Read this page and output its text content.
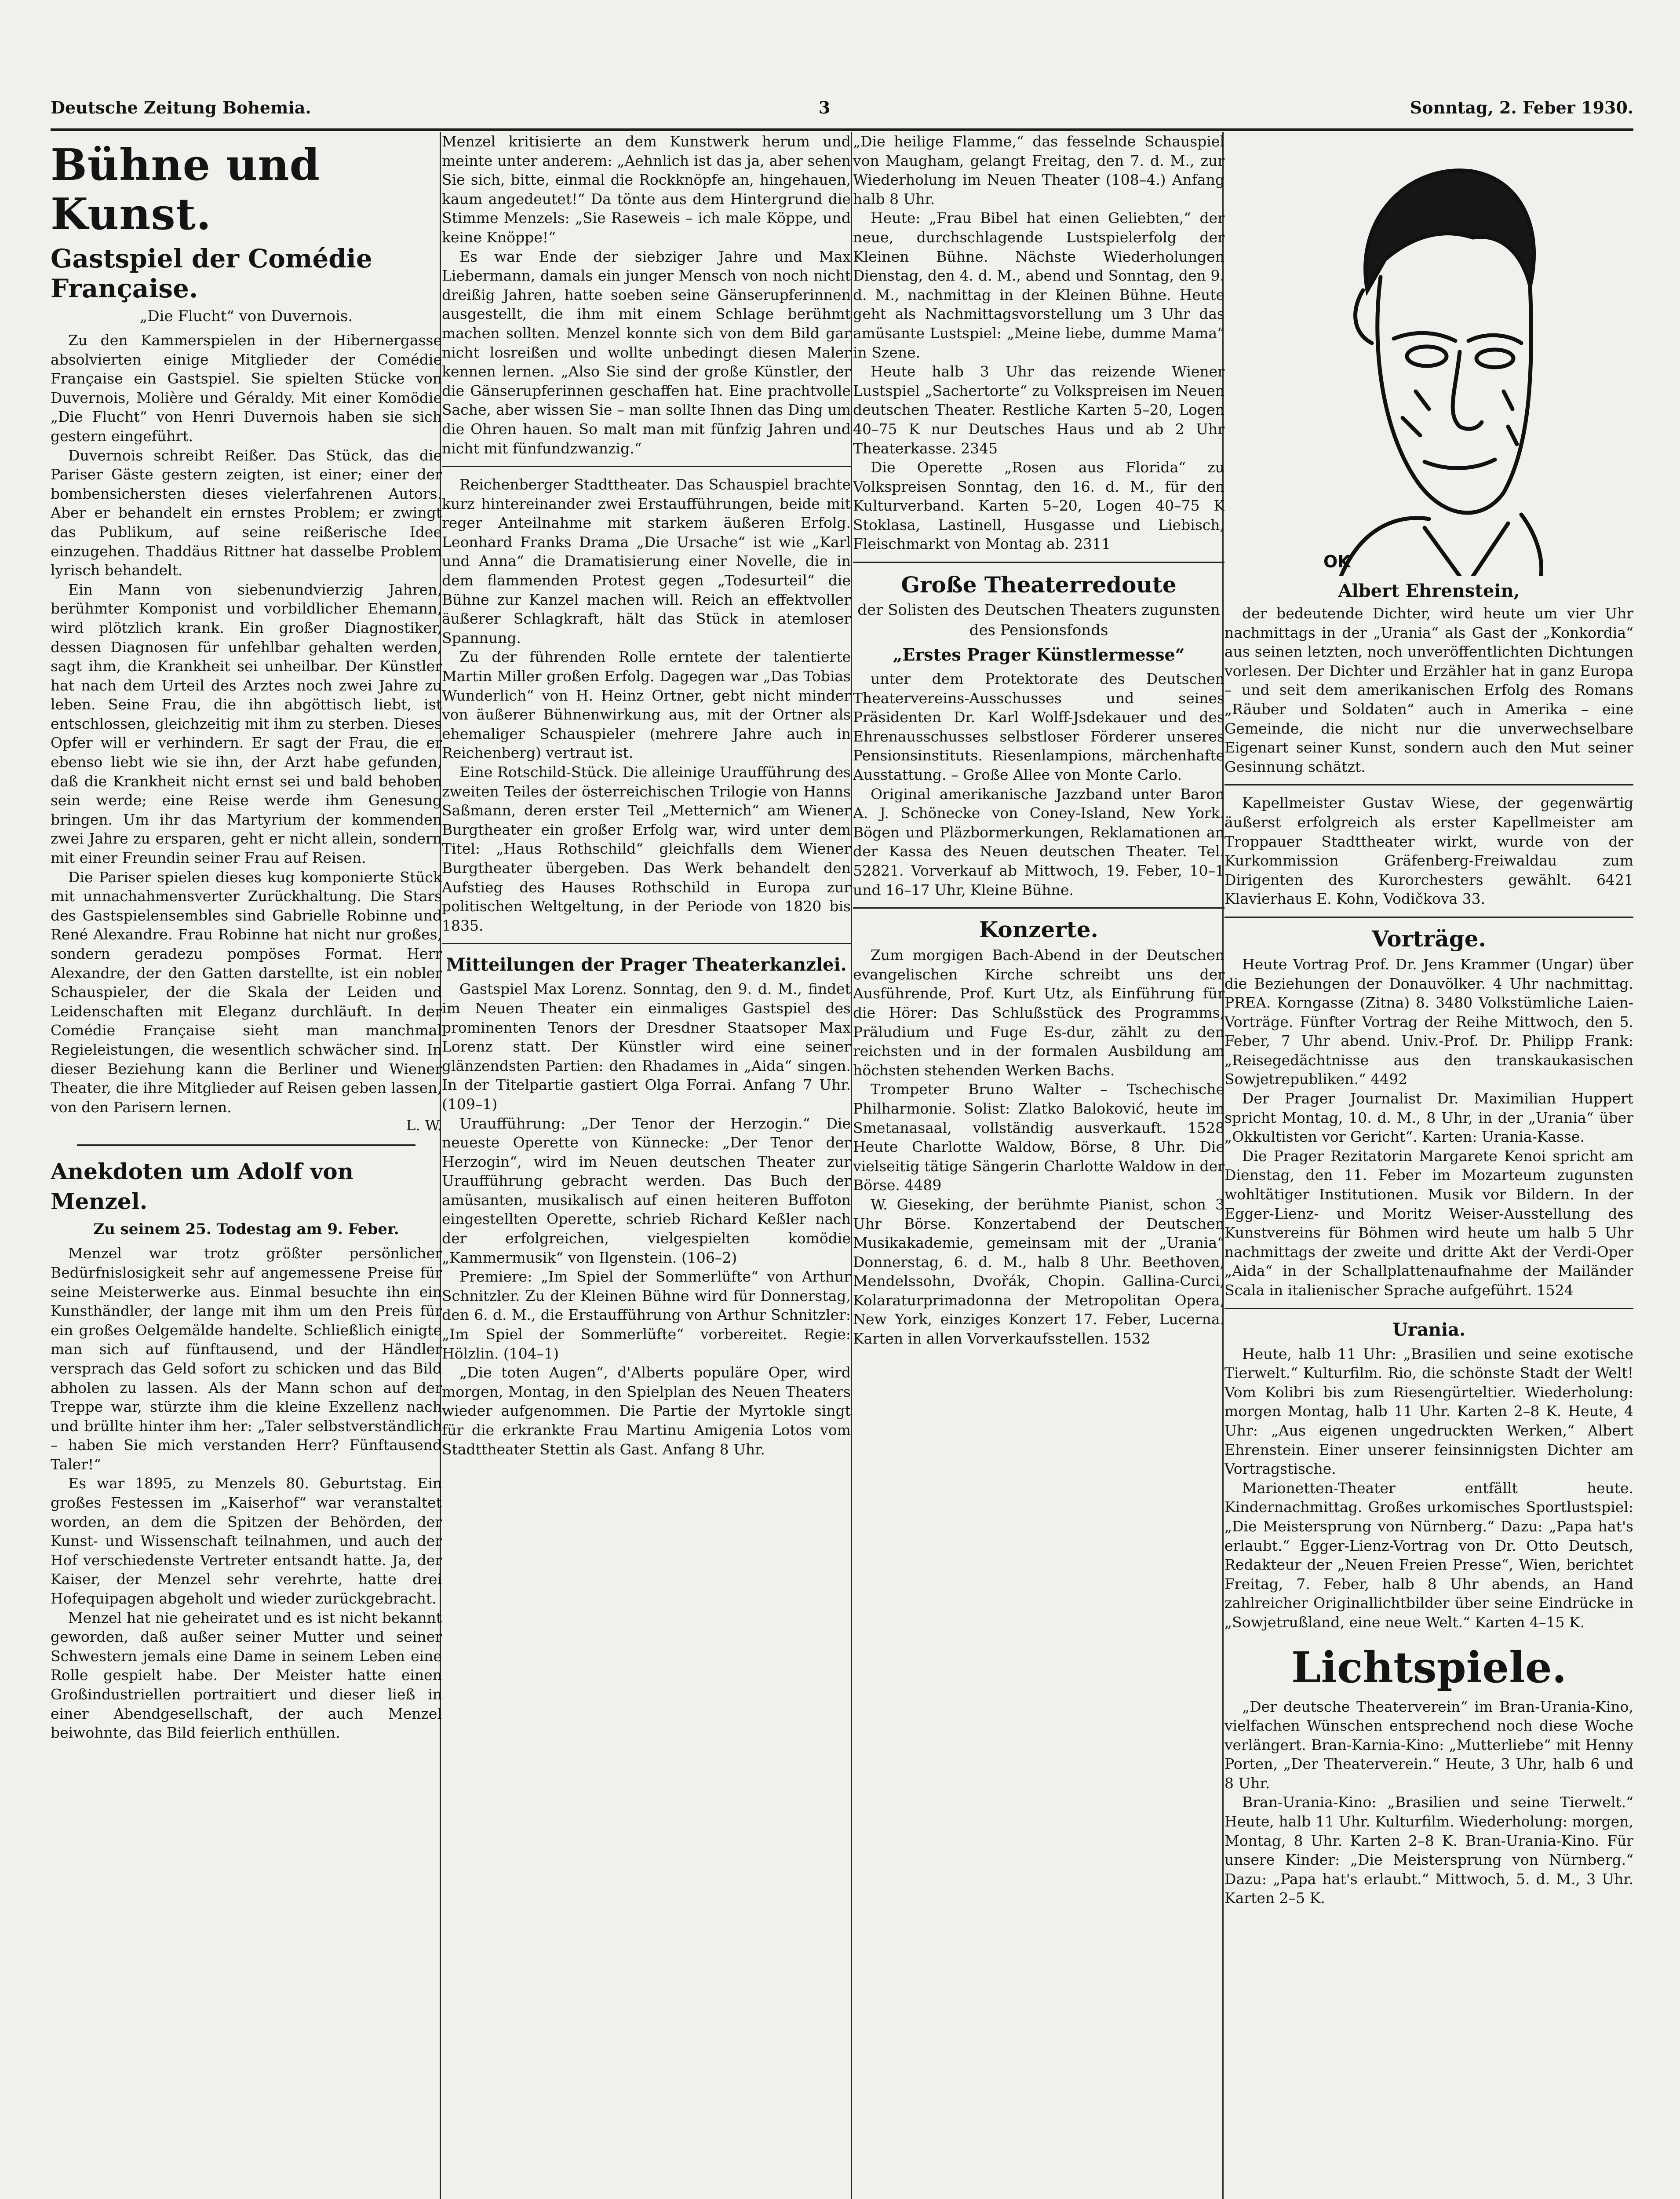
Deutsche Zeitung Bohemia.	3	Sonntag, 2. Feber 1930.
Bühne und Kunst.
Gastspiel der Comédie Française.
„Die Flucht“ von Duvernois.

Zu den Kammerspielen in der Hibernergasse absolvierten einige Mitglieder der Comédie Française ein Gastspiel. Sie spielten Stücke von Duvernois, Molière und Géraldy. Mit einer Komödie „Die Flucht“ von Henri Duvernois haben sie sich gestern eingeführt.

Duvernois schreibt Reißer. Das Stück, das die Pariser Gäste gestern zeigten, ist einer; einer der bombensichersten dieses vielerfahrenen Autors. Aber er behandelt ein ernstes Problem; er zwingt das Publikum, auf seine reißerische Idee einzugehen. Thaddäus Rittner hat dasselbe Problem lyrisch behandelt.

Ein Mann von siebenundvierzig Jahren, berühmter Komponist und vorbildlicher Ehemann, wird plötzlich krank. Ein großer Diagnostiker, dessen Diagnosen für unfehlbar gehalten werden, sagt ihm, die Krankheit sei unheilbar. Der Künstler hat nach dem Urteil des Arztes noch zwei Jahre zu leben. Seine Frau, die ihn abgöttisch liebt, ist entschlossen, gleichzeitig mit ihm zu sterben. Dieses Opfer will er verhindern. Er sagt der Frau, die er ebenso liebt wie sie ihn, der Arzt habe gefunden, daß die Krankheit nicht ernst sei und bald behoben sein werde; eine Reise werde ihm Genesung bringen. Um ihr das Martyrium der kommenden zwei Jahre zu ersparen, geht er nicht allein, sondern mit einer Freundin seiner Frau auf Reisen.

Die Pariser spielen dieses kug komponierte Stück mit unnachahmensverter Zurückhaltung. Die Stars des Gastspielensembles sind Gabrielle Robinne und René Alexandre. Frau Robinne hat nicht nur großes, sondern geradezu pompöses Format. Herr Alexandre, der den Gatten darstellte, ist ein nobler Schauspieler, der die Skala der Leiden und Leidenschaften mit Eleganz durchläuft. In der Comédie Française sieht man manchmal Regieleistungen, die wesentlich schwächer sind. In dieser Beziehung kann die Berliner und Wiener Theater, die ihre Mitglieder auf Reisen geben lassen, von den Parisern lernen.

L. W.
Anekdoten um Adolf von Menzel.
Zu seinem 25. Todestag am 9. Feber.

Menzel war trotz größter persönlicher Bedürfnislosigkeit sehr auf angemessene Preise für seine Meisterwerke aus. Einmal besuchte ihn ein Kunsthändler, der lange mit ihm um den Preis für ein großes Oelgemälde handelte. Schließlich einigte man sich auf fünftausend, und der Händler versprach das Geld sofort zu schicken und das Bild abholen zu lassen. Als der Mann schon auf der Treppe war, stürzte ihm die kleine Exzellenz nach und brüllte hinter ihm her: „Taler selbstverständlich – haben Sie mich verstanden Herr? Fünftausend Taler!“

Es war 1895, zu Menzels 80. Geburtstag. Ein großes Festessen im „Kaiserhof“ war veranstaltet worden, an dem die Spitzen der Behörden, der Kunst- und Wissenschaft teilnahmen, und auch der Hof verschiedenste Vertreter entsandt hatte. Ja, der Kaiser, der Menzel sehr verehrte, hatte drei Hofequipagen abgeholt und wieder zurückgebracht.

Menzel hat nie geheiratet und es ist nicht bekannt geworden, daß außer seiner Mutter und seiner Schwestern jemals eine Dame in seinem Leben eine Rolle gespielt habe. Der Meister hatte einen Großindustriellen portraitiert und dieser ließ in einer Abendgesellschaft, der auch Menzel beiwohnte, das Bild feierlich enthüllen.

Menzel kritisierte an dem Kunstwerk herum und meinte unter anderem: „Aehnlich ist das ja, aber sehen Sie sich, bitte, einmal die Rockknöpfe an, hingehauen, kaum angedeutet!“ Da tönte aus dem Hintergrund die Stimme Menzels: „Sie Raseweis – ich male Köppe, und keine Knöppe!“

Es war Ende der siebziger Jahre und Max Liebermann, damals ein junger Mensch von noch nicht dreißig Jahren, hatte soeben seine Gänserupferinnen ausgestellt, die ihm mit einem Schlage berühmt machen sollten. Menzel konnte sich von dem Bild gar nicht losreißen und wollte unbedingt diesen Maler kennen lernen. „Also Sie sind der große Künstler, der die Gänserupferinnen geschaffen hat. Eine prachtvolle Sache, aber wissen Sie – man sollte Ihnen das Ding um die Ohren hauen. So malt man mit fünfzig Jahren und nicht mit fünfundzwanzig.“

Reichenberger Stadttheater. Das Schauspiel brachte kurz hintereinander zwei Erstaufführungen, beide mit reger Anteilnahme mit starkem äußeren Erfolg. Leonhard Franks Drama „Die Ursache“ ist wie „Karl und Anna“ die Dramatisierung einer Novelle, die in dem flammenden Protest gegen „Todesurteil“ die Bühne zur Kanzel machen will. Reich an effektvoller äußerer Schlagkraft, hält das Stück in atemloser Spannung.

Zu der führenden Rolle erntete der talentierte Martin Miller großen Erfolg. Dagegen war „Das Tobias Wunderlich“ von H. Heinz Ortner, gebt nicht minder von äußerer Bühnenwirkung aus, mit der Ortner als ehemaliger Schauspieler (mehrere Jahre auch in Reichenberg) vertraut ist.

Eine Rotschild-Stück. Die alleinige Uraufführung des zweiten Teiles der österreichischen Trilogie von Hanns Saßmann, deren erster Teil „Metternich“ am Wiener Burgtheater ein großer Erfolg war, wird unter dem Titel: „Haus Rothschild“ gleichfalls dem Wiener Burgtheater übergeben. Das Werk behandelt den Aufstieg des Hauses Rothschild in Europa zur politischen Weltgeltung, in der Periode von 1820 bis 1835.

Mitteilungen der Prager Theaterkanzlei.

Gastspiel Max Lorenz. Sonntag, den 9. d. M., findet im Neuen Theater ein einmaliges Gastspiel des prominenten Tenors der Dresdner Staatsoper Max Lorenz statt. Der Künstler wird eine seiner glänzendsten Partien: den Rhadames in „Aida“ singen. In der Titelpartie gastiert Olga Forrai. Anfang 7 Uhr. (109–1)

Uraufführung: „Der Tenor der Herzogin.“ Die neueste Operette von Künnecke: „Der Tenor der Herzogin“, wird im Neuen deutschen Theater zur Uraufführung gebracht werden. Das Buch der amüsanten, musikalisch auf einen heiteren Buffoton eingestellten Operette, schrieb Richard Keßler nach der erfolgreichen, vielgespielten komödie „Kammermusik“ von Ilgenstein. (106–2)

Premiere: „Im Spiel der Sommerlüfte“ von Arthur Schnitzler. Zu der Kleinen Bühne wird für Donnerstag, den 6. d. M., die Erstaufführung von Arthur Schnitzler: „Im Spiel der Sommerlüfte“ vorbereitet. Regie: Hölzlin. (104–1)

„Die toten Augen“, d'Alberts populäre Oper, wird morgen, Montag, in den Spielplan des Neuen Theaters wieder aufgenommen. Die Partie der Myrtokle singt für die erkrankte Frau Martinu Amigenia Lotos vom Stadttheater Stettin als Gast. Anfang 8 Uhr.

„Die heilige Flamme,“ das fesselnde Schauspiel von Maugham, gelangt Freitag, den 7. d. M., zur Wiederholung im Neuen Theater (108–4.) Anfang halb 8 Uhr.

Heute: „Frau Bibel hat einen Geliebten,“ der neue, durchschlagende Lustspielerfolg der Kleinen Bühne. Nächste Wiederholungen Dienstag, den 4. d. M., abend und Sonntag, den 9. d. M., nachmittag in der Kleinen Bühne. Heute geht als Nachmittagsvorstellung um 3 Uhr das amüsante Lustspiel: „Meine liebe, dumme Mama“ in Szene.

Heute halb 3 Uhr das reizende Wiener Lustspiel „Sachertorte“ zu Volkspreisen im Neuen deutschen Theater. Restliche Karten 5–20, Logen 40–75 K nur Deutsches Haus und ab 2 Uhr Theaterkasse. 2345

Die Operette „Rosen aus Florida“ zu Volkspreisen Sonntag, den 16. d. M., für den Kulturverband. Karten 5–20, Logen 40–75 K Stoklasa, Lastinell, Husgasse und Liebisch, Fleischmarkt von Montag ab. 2311

Große Theaterredoute
der Solisten des Deutschen Theaters zugunsten des Pensionsfonds
„Erstes Prager Künstlermesse“

unter dem Protektorate des Deutschen Theatervereins-Ausschusses und seines Präsidenten Dr. Karl Wolff-Jsdekauer und des Ehrenausschusses selbstloser Förderer unseres Pensionsinstituts. Riesenlampions, märchenhafte Ausstattung. – Große Allee von Monte Carlo.

Original amerikanische Jazzband unter Baron A. J. Schönecke von Coney-Island, New York. Bögen und Pläzbormerkungen, Reklamationen an der Kassa des Neuen deutschen Theater. Tel. 52821. Vorverkauf ab Mittwoch, 19. Feber, 10–1 und 16–17 Uhr, Kleine Bühne.

Konzerte.

Zum morgigen Bach-Abend in der Deutschen evangelischen Kirche schreibt uns der Ausführende, Prof. Kurt Utz, als Einführung für die Hörer: Das Schlußstück des Programms, Präludium und Fuge Es-dur, zählt zu den reichsten und in der formalen Ausbildung am höchsten stehenden Werken Bachs.

Trompeter Bruno Walter – Tschechische Philharmonie. Solist: Zlatko Baloković, heute im Smetanasaal, vollständig ausverkauft. 1528 Heute Charlotte Waldow, Börse, 8 Uhr. Die vielseitig tätige Sängerin Charlotte Waldow in der Börse. 4489

W. Gieseking, der berühmte Pianist, schon 3 Uhr Börse. Konzertabend der Deutschen Musikakademie, gemeinsam mit der „Urania“ Donnerstag, 6. d. M., halb 8 Uhr. Beethoven, Mendelssohn, Dvořák, Chopin. Gallina-Curci, Kolaraturprimadonna der Metropolitan Opera, New York, einziges Konzert 17. Feber, Lucerna. Karten in allen Vorverkaufsstellen. 1532

OK
Albert Ehrenstein,

der bedeutende Dichter, wird heute um vier Uhr nachmittags in der „Urania“ als Gast der „Konkordia“ aus seinen letzten, noch unveröffentlichten Dichtungen vorlesen. Der Dichter und Erzähler hat in ganz Europa – und seit dem amerikanischen Erfolg des Romans „Räuber und Soldaten“ auch in Amerika – eine Gemeinde, die nicht nur die unverwechselbare Eigenart seiner Kunst, sondern auch den Mut seiner Gesinnung schätzt.

Kapellmeister Gustav Wiese, der gegenwärtig äußerst erfolgreich als erster Kapellmeister am Troppauer Stadttheater wirkt, wurde von der Kurkommission Gräfenberg-Freiwaldau zum Dirigenten des Kurorchesters gewählt. 6421 Klavierhaus E. Kohn, Vodičkova 33.

Vorträge.

Heute Vortrag Prof. Dr. Jens Krammer (Ungar) über die Beziehungen der Donauvölker. 4 Uhr nachmittag. PREA. Korngasse (Zitna) 8. 3480 Volkstümliche Laien-Vorträge. Fünfter Vortrag der Reihe Mittwoch, den 5. Feber, 7 Uhr abend. Univ.-Prof. Dr. Philipp Frank: „Reisegedächtnisse aus den transkaukasischen Sowjetrepubliken.“ 4492

Der Prager Journalist Dr. Maximilian Huppert spricht Montag, 10. d. M., 8 Uhr, in der „Urania“ über „Okkultisten vor Gericht“. Karten: Urania-Kasse.

Die Prager Rezitatorin Margarete Kenoi spricht am Dienstag, den 11. Feber im Mozarteum zugunsten wohltätiger Institutionen. Musik vor Bildern. In der Egger-Lienz- und Moritz Weiser-Ausstellung des Kunstvereins für Böhmen wird heute um halb 5 Uhr nachmittags der zweite und dritte Akt der Verdi-Oper „Aida“ in der Schallplattenaufnahme der Mailänder Scala in italienischer Sprache aufgeführt. 1524

Urania.

Heute, halb 11 Uhr: „Brasilien und seine exotische Tierwelt.“ Kulturfilm. Rio, die schönste Stadt der Welt! Vom Kolibri bis zum Riesengürteltier. Wiederholung: morgen Montag, halb 11 Uhr. Karten 2–8 K. Heute, 4 Uhr: „Aus eigenen ungedruckten Werken,“ Albert Ehrenstein. Einer unserer feinsinnigsten Dichter am Vortragstische.

Marionetten-Theater entfällt heute. Kindernachmittag. Großes urkomisches Sportlustspiel: „Die Meistersprung von Nürnberg.“ Dazu: „Papa hat's erlaubt.“ Egger-Lienz-Vortrag von Dr. Otto Deutsch, Redakteur der „Neuen Freien Presse“, Wien, berichtet Freitag, 7. Feber, halb 8 Uhr abends, an Hand zahlreicher Originallichtbilder über seine Eindrücke in „Sowjetrußland, eine neue Welt.“ Karten 4–15 K.

Lichtspiele.

„Der deutsche Theaterverein“ im Bran-Urania-Kino, vielfachen Wünschen entsprechend noch diese Woche verlängert. Bran-Karnia-Kino: „Mutterliebe“ mit Henny Porten, „Der Theaterverein.“ Heute, 3 Uhr, halb 6 und 8 Uhr.

Bran-Urania-Kino: „Brasilien und seine Tierwelt.“ Heute, halb 11 Uhr. Kulturfilm. Wiederholung: morgen, Montag, 8 Uhr. Karten 2–8 K. Bran-Urania-Kino. Für unsere Kinder: „Die Meistersprung von Nürnberg.“ Dazu: „Papa hat's erlaubt.“ Mittwoch, 5. d. M., 3 Uhr. Karten 2–5 K.
